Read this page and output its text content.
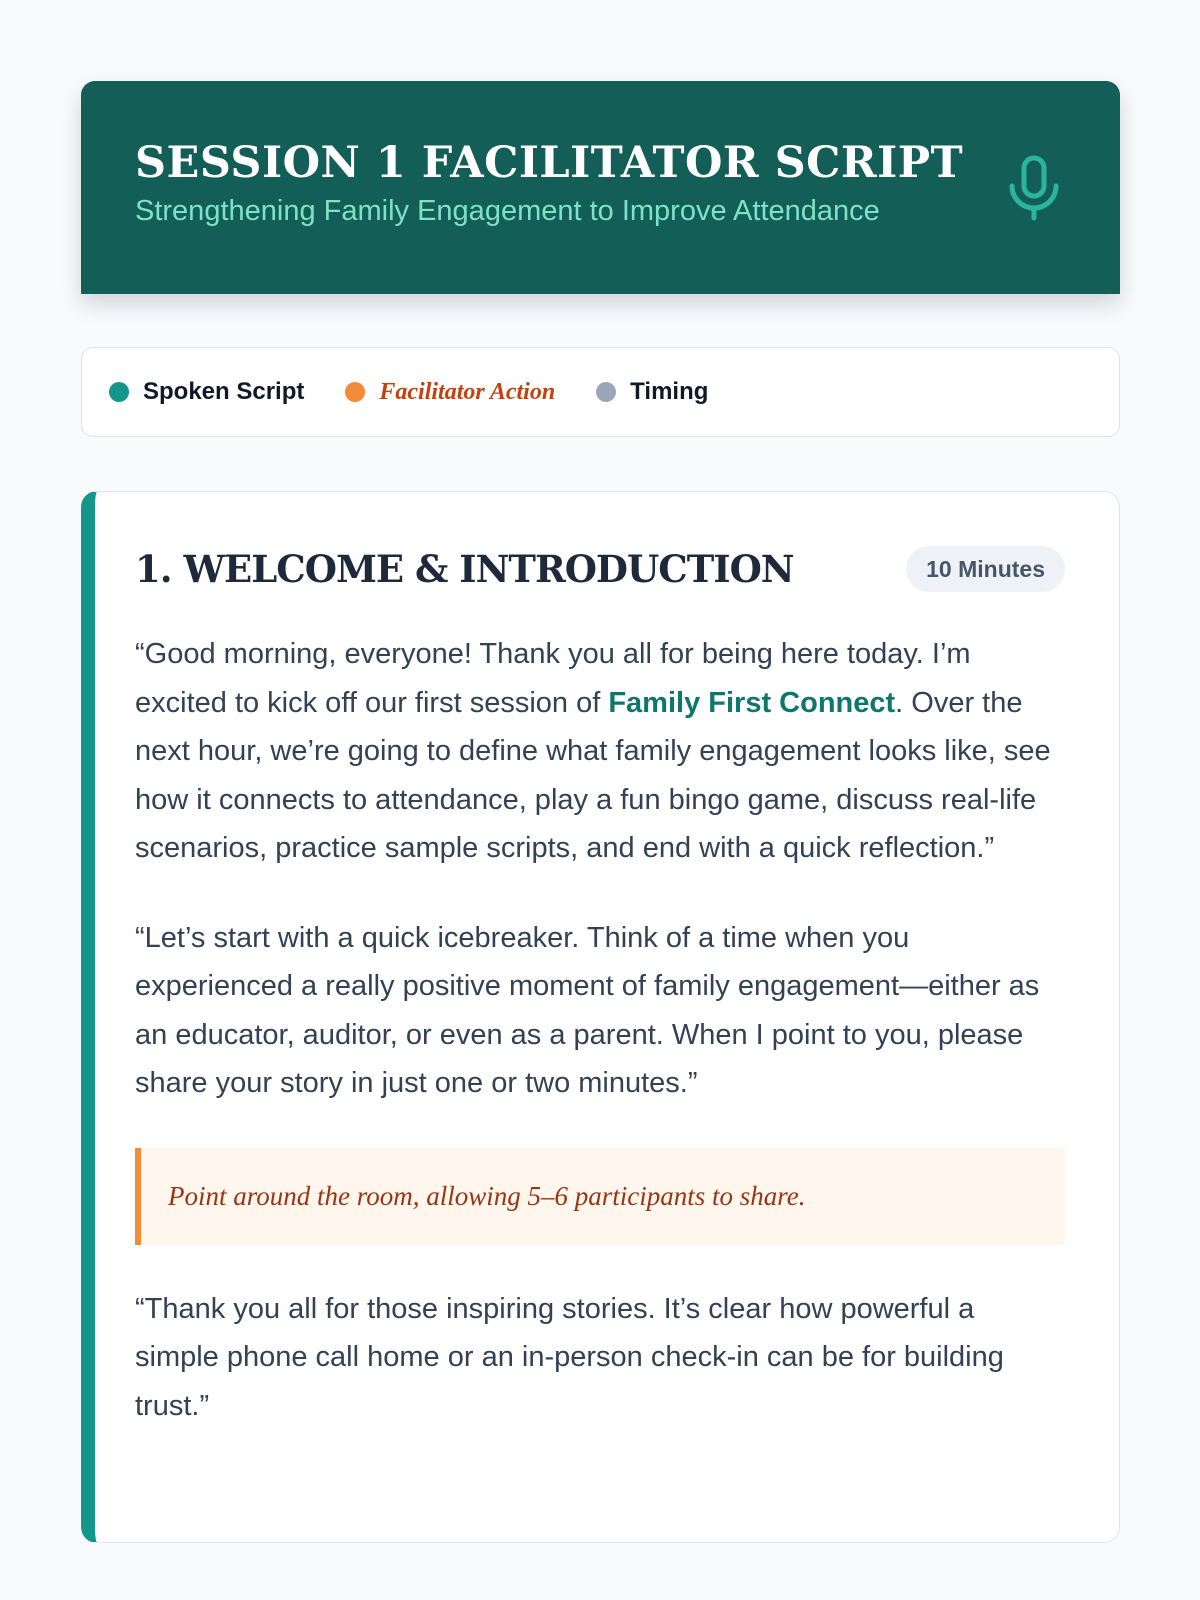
SESSION 1 FACILITATOR SCRIPT
Strengthening Family Engagement to Improve Attendance
Spoken Script	Facilitator Action	Timing
1. WELCOME & INTRODUCTION	10 Minutes

“Good morning, everyone! Thank you all for being here today. I’m excited to kick off our first session of Family First Connect. Over the next hour, we’re going to define what family engagement looks like, see how it connects to attendance, play a fun bingo game, discuss real-life scenarios, practice sample scripts, and end with a quick reflection.”

“Let’s start with a quick icebreaker. Think of a time when you experienced a really positive moment of family engagement—either as an educator, auditor, or even as a parent. When I point to you, please share your story in just one or two minutes.”

Point around the room, allowing 5–6 participants to share.

“Thank you all for those inspiring stories. It’s clear how powerful a simple phone call home or an in-person check-in can be for building trust.”
